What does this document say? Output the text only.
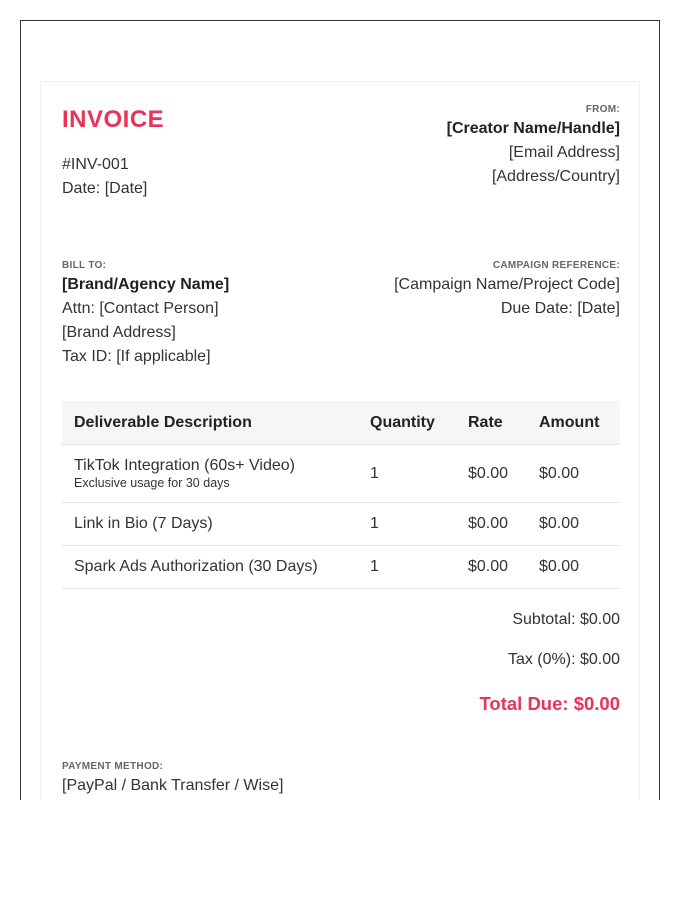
INVOICE
#INV-001
Date: [Date]
FROM:
[Creator Name/Handle]
[Email Address]
[Address/Country]
BILL TO:
[Brand/Agency Name]
Attn: [Contact Person]
[Brand Address]
Tax ID: [If applicable]
CAMPAIGN REFERENCE:
[Campaign Name/Project Code]
Due Date: [Date]
Deliverable Description	Quantity	Rate	Amount
TikTok Integration (60s+ Video)
Exclusive usage for 30 days	1	$0.00	$0.00
Link in Bio (7 Days)	1	$0.00	$0.00
Spark Ads Authorization (30 Days)	1	$0.00	$0.00
Subtotal: $0.00
Tax (0%): $0.00
Total Due: $0.00
PAYMENT METHOD:
[PayPal / Bank Transfer / Wise]
